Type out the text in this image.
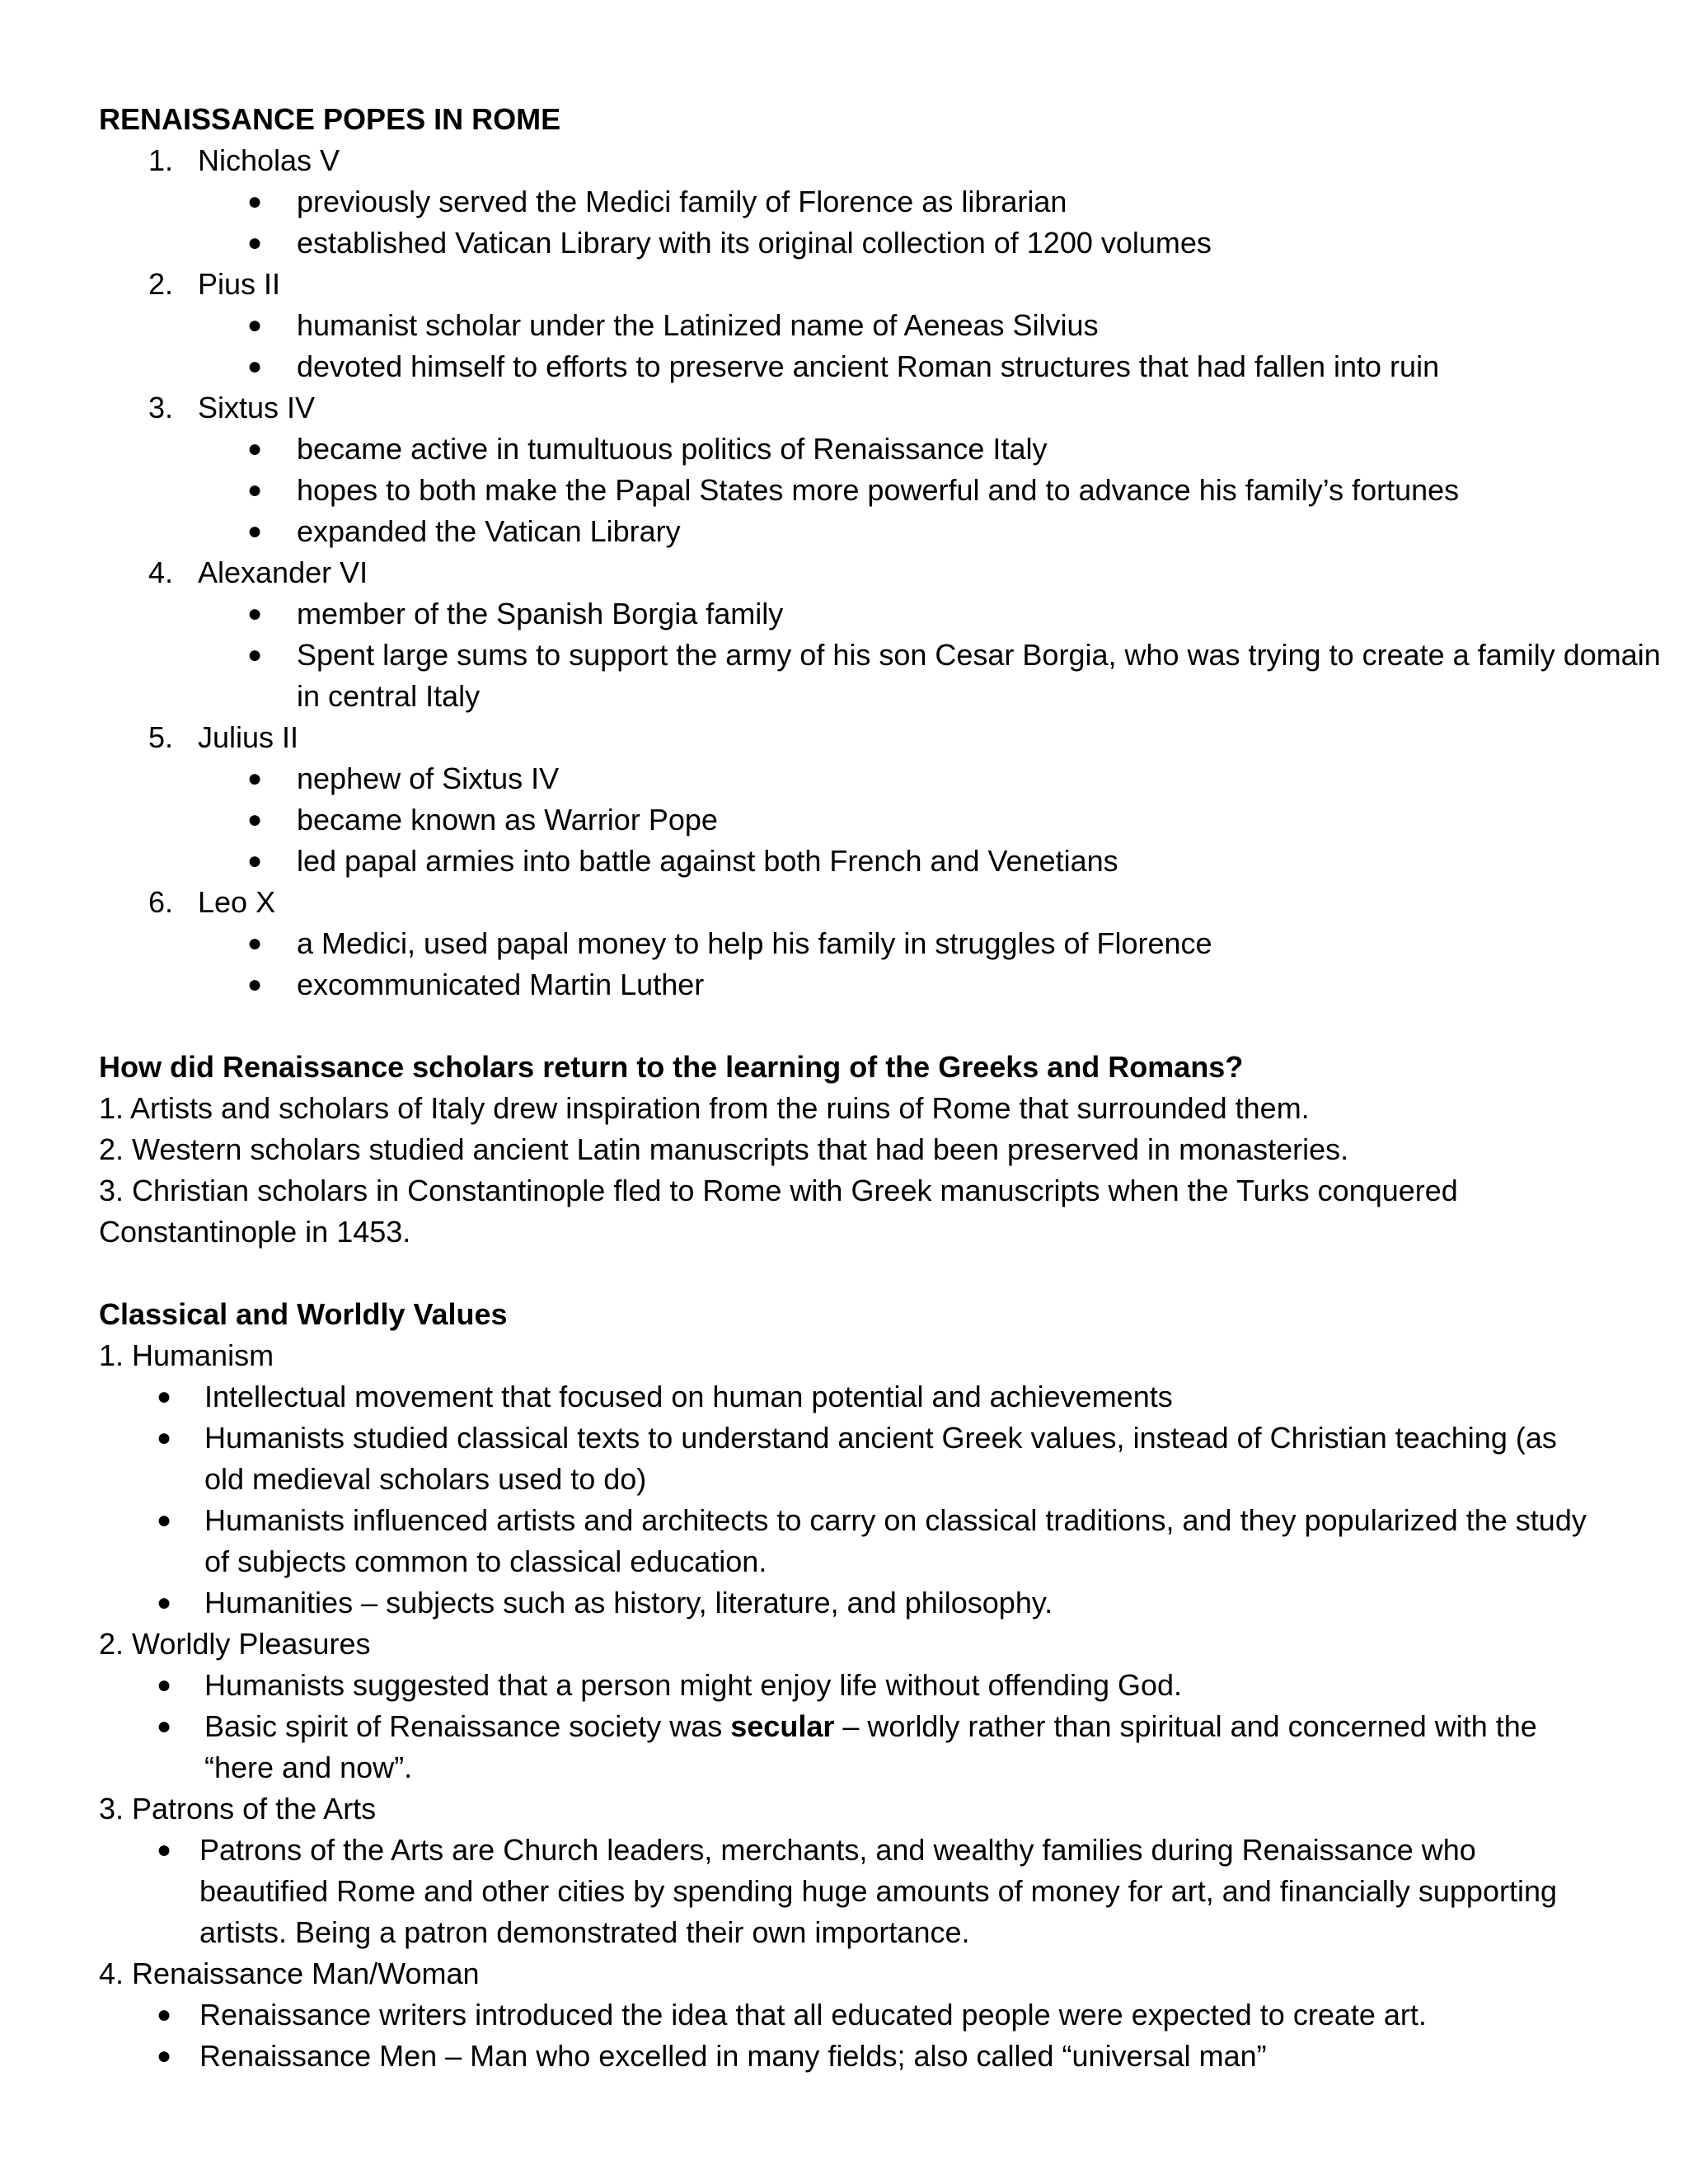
RENAISSANCE POPES IN ROME
1. Nicholas V
● previously served the Medici family of Florence as librarian
● established Vatican Library with its original collection of 1200 volumes
2. Pius II
● humanist scholar under the Latinized name of Aeneas Silvius
● devoted himself to efforts to preserve ancient Roman structures that had fallen into ruin
3. Sixtus IV
● became active in tumultuous politics of Renaissance Italy
● hopes to both make the Papal States more powerful and to advance his family’s fortunes
● expanded the Vatican Library
4. Alexander VI
● member of the Spanish Borgia family
● Spent large sums to support the army of his son Cesar Borgia, who was trying to create a family domain in central Italy
5. Julius II
● nephew of Sixtus IV
● became known as Warrior Pope
● led papal armies into battle against both French and Venetians
6. Leo X
● a Medici, used papal money to help his family in struggles of Florence
● excommunicated Martin Luther
How did Renaissance scholars return to the learning of the Greeks and Romans?
1. Artists and scholars of Italy drew inspiration from the ruins of Rome that surrounded them.
2. Western scholars studied ancient Latin manuscripts that had been preserved in monasteries.
3. Christian scholars in Constantinople fled to Rome with Greek manuscripts when the Turks conquered Constantinople in 1453.
Classical and Worldly Values
1. Humanism
● Intellectual movement that focused on human potential and achievements
● Humanists studied classical texts to understand ancient Greek values, instead of Christian teaching (as old medieval scholars used to do)
● Humanists influenced artists and architects to carry on classical traditions, and they popularized the study of subjects common to classical education.
● Humanities – subjects such as history, literature, and philosophy.
2. Worldly Pleasures
● Humanists suggested that a person might enjoy life without offending God.
● Basic spirit of Renaissance society was secular – worldly rather than spiritual and concerned with the “here and now”.
3. Patrons of the Arts
● Patrons of the Arts are Church leaders, merchants, and wealthy families during Renaissance who beautified Rome and other cities by spending huge amounts of money for art, and financially supporting artists. Being a patron demonstrated their own importance.
4. Renaissance Man/Woman
● Renaissance writers introduced the idea that all educated people were expected to create art.
● Renaissance Men – Man who excelled in many fields; also called “universal man”
